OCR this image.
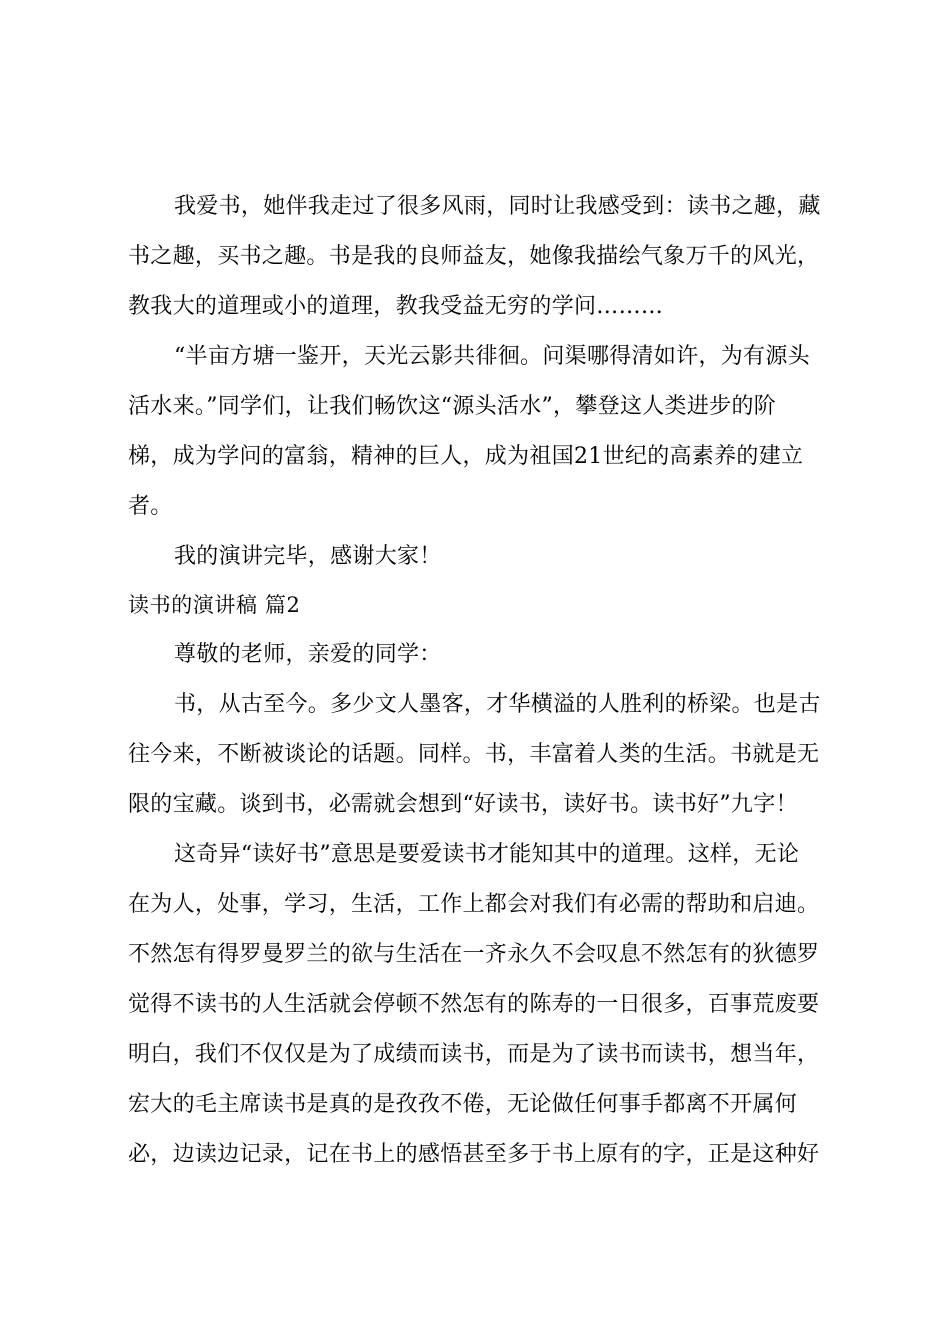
我爱书，她伴我走过了很多风雨，同时让我感受到：读书之趣，藏
书之趣，买书之趣。书是我的良师益友，她像我描绘气象万千的风光，
教我大的道理或小的道理，教我受益无穷的学问………
“半亩方塘一鉴开，天光云影共徘徊。问渠哪得清如许，为有源头
活水来。”同学们，让我们畅饮这“源头活水”，攀登这人类进步的阶
梯，成为学问的富翁，精神的巨人，成为祖国21世纪的高素养的建立
者。
我的演讲完毕，感谢大家！
读书的演讲稿 篇2
尊敬的老师，亲爱的同学：
书，从古至今。多少文人墨客，才华横溢的人胜利的桥梁。也是古
往今来，不断被谈论的话题。同样。书，丰富着人类的生活。书就是无
限的宝藏。谈到书，必需就会想到“好读书，读好书。读书好”九字！
这奇异“读好书”意思是要爱读书才能知其中的道理。这样，无论
在为人，处事，学习，生活，工作上都会对我们有必需的帮助和启迪。
不然怎有得罗曼罗兰的欲与生活在一齐永久不会叹息不然怎有的狄德罗
觉得不读书的人生活就会停顿不然怎有的陈寿的一日很多，百事荒废要
明白，我们不仅仅是为了成绩而读书，而是为了读书而读书，想当年，
宏大的毛主席读书是真的是孜孜不倦，无论做任何事手都离不开属何
必，边读边记录，记在书上的感悟甚至多于书上原有的字，正是这种好
